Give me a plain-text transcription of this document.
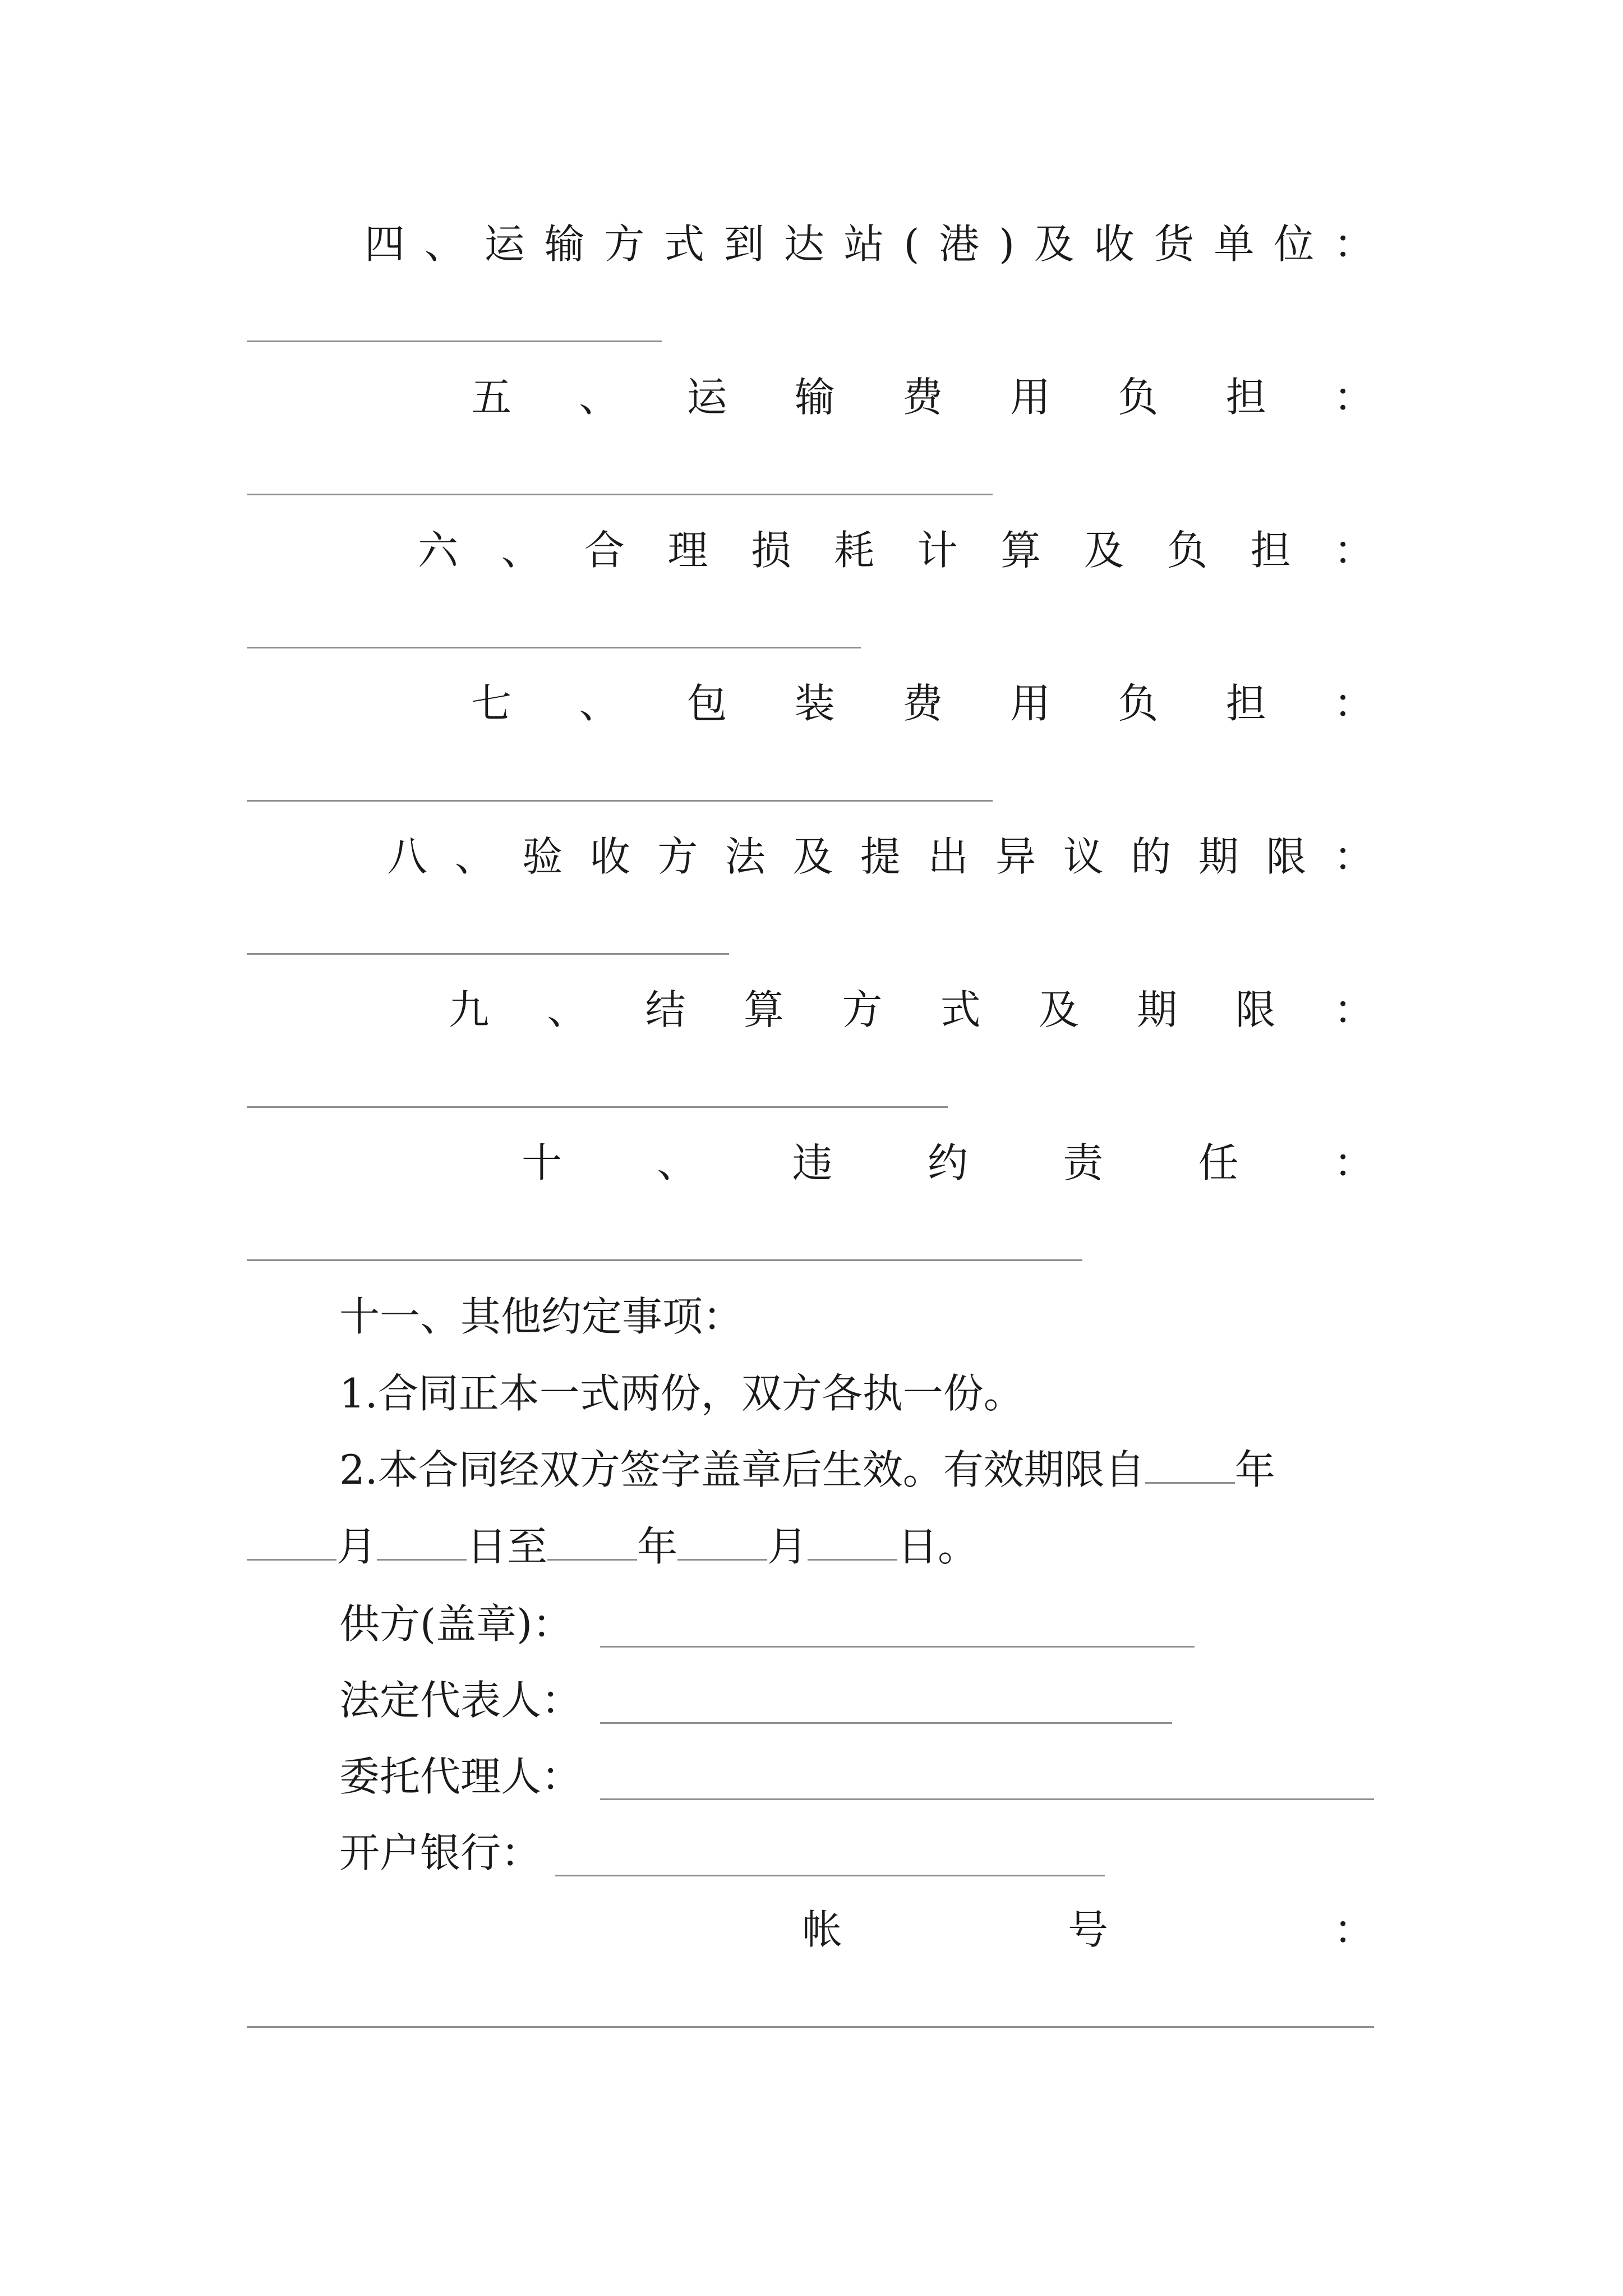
四 、 运 输 方 式 到 达 站 ( 港 ) 及 收 货 单 位 ：
五 、 运 输 费 用 负 担 ：
六 、 合 理 损 耗 计 算 及 负 担 ：
七 、 包 装 费 用 负 担 ：
八 、 验 收 方 法 及 提 出 异 议 的 期 限 ：
九 、 结 算 方 式 及 期 限 ：
十 、 违 约 责 任 ：
十一、其他约定事项：
1.合同正本一式两份，双方各执一份。
2.本合同经双方签字盖章后生效。有效期限自 年
月 日至 年 月 日。
供方(盖章)：
法定代表人：
委托代理人：
开户银行：
帐	号	：
